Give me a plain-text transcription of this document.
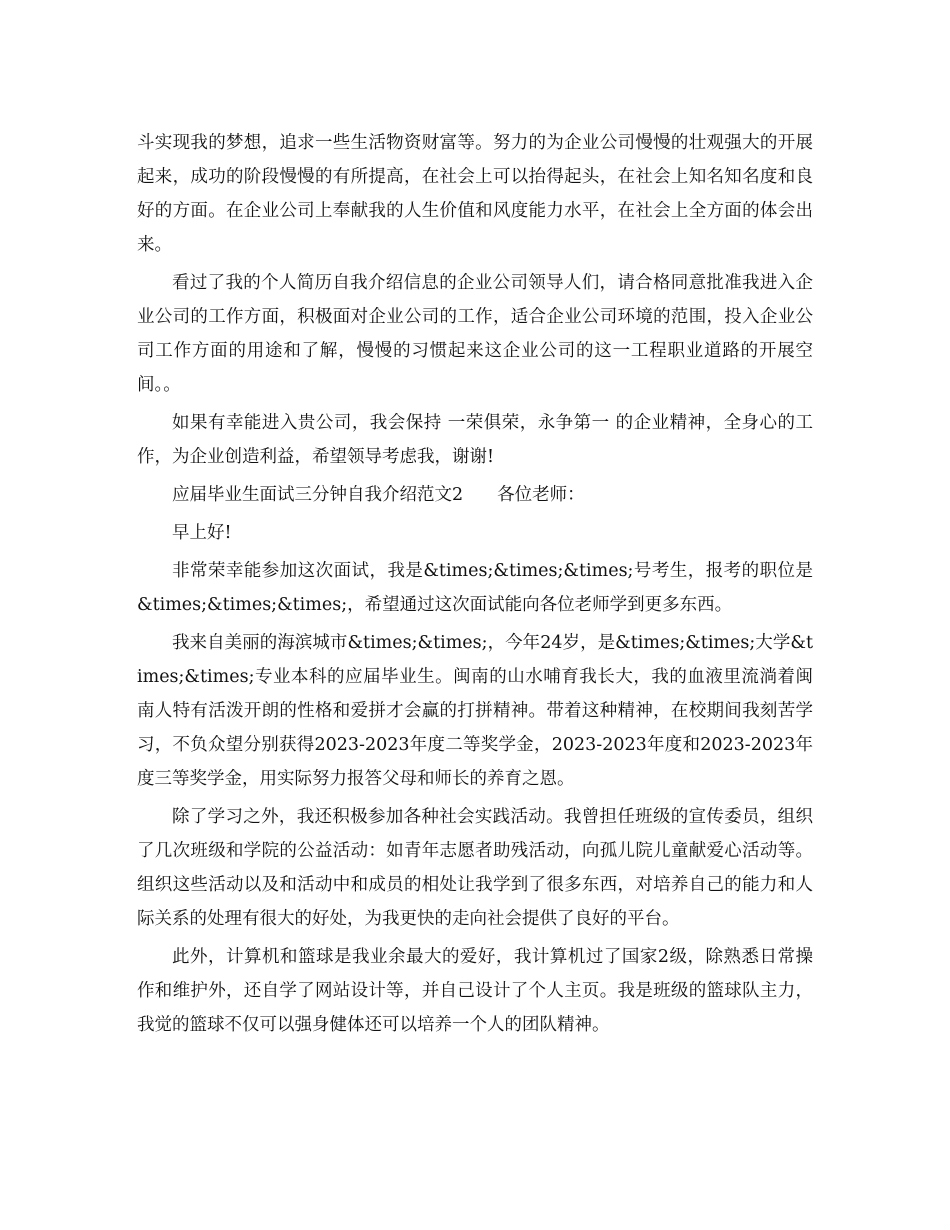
斗实现我的梦想，追求一些生活物资财富等。努力的为企业公司慢慢的壮观强大的开展起来，成功的阶段慢慢的有所提高，在社会上可以抬得起头，在社会上知名知名度和良好的方面。在企业公司上奉献我的人生价值和风度能力水平，在社会上全方面的体会出来。

看过了我的个人简历自我介绍信息的企业公司领导人们，请合格同意批准我进入企业公司的工作方面，积极面对企业公司的工作，适合企业公司环境的范围，投入企业公司工作方面的用途和了解，慢慢的习惯起来这企业公司的这一工程职业道路的开展空间。。

如果有幸能进入贵公司，我会保持 一荣俱荣，永争第一 的企业精神，全身心的工作，为企业创造利益，希望领导考虑我，谢谢!

应届毕业生面试三分钟自我介绍范文2 各位老师：

早上好!

非常荣幸能参加这次面试，我是&times;&times;&times;号考生，报考的职位是&times;&times;&times;，希望通过这次面试能向各位老师学到更多东西。

我来自美丽的海滨城市&times;&times;，今年24岁，是&times;&times;大学&times;&times;专业本科的应届毕业生。闽南的山水哺育我长大，我的血液里流淌着闽南人特有活泼开朗的性格和爱拼才会赢的打拼精神。带着这种精神，在校期间我刻苦学习，不负众望分别获得2023-2023年度二等奖学金，2023-2023年度和2023-2023年度三等奖学金，用实际努力报答父母和师长的养育之恩。

除了学习之外，我还积极参加各种社会实践活动。我曾担任班级的宣传委员，组织了几次班级和学院的公益活动：如青年志愿者助残活动，向孤儿院儿童献爱心活动等。组织这些活动以及和活动中和成员的相处让我学到了很多东西，对培养自己的能力和人际关系的处理有很大的好处，为我更快的走向社会提供了良好的平台。

此外，计算机和篮球是我业余最大的爱好，我计算机过了国家2级，除熟悉日常操作和维护外，还自学了网站设计等，并自己设计了个人主页。我是班级的篮球队主力，我觉的篮球不仅可以强身健体还可以培养一个人的团队精神。
